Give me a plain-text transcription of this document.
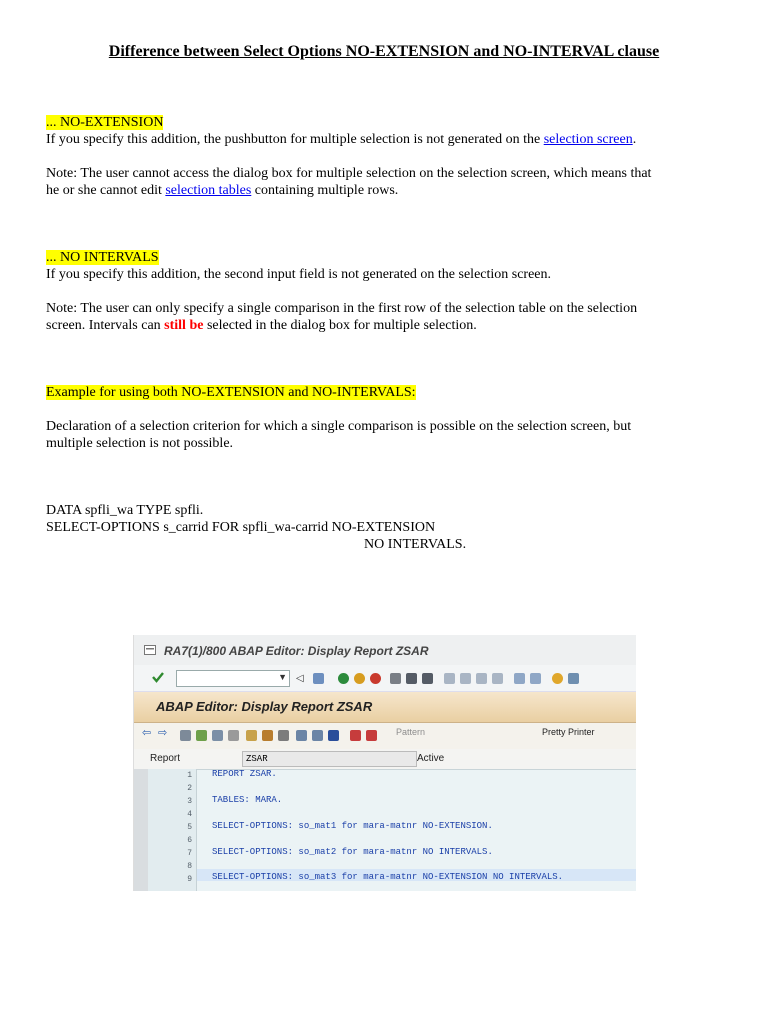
Difference between Select Options NO-EXTENSION and NO-INTERVAL clause
... NO-EXTENSION
If you specify this addition, the pushbutton for multiple selection is not generated on the selection screen.
Note: The user cannot access the dialog box for multiple selection on the selection screen, which means that
he or she cannot edit selection tables containing multiple rows.
... NO INTERVALS
If you specify this addition, the second input field is not generated on the selection screen.
Note: The user can only specify a single comparison in the first row of the selection table on the selection
screen. Intervals can still be selected in the dialog box for multiple selection.
Example for using both NO-EXTENSION and NO-INTERVALS:
Declaration of a selection criterion for which a single comparison is possible on the selection screen, but
multiple selection is not possible.
DATA spfli_wa TYPE spfli.
SELECT-OPTIONS s_carrid FOR spfli_wa-carrid NO-EXTENSION
NO INTERVALS.
RA7(1)/800 ABAP Editor: Display Report ZSAR
▼ ◁
ABAP Editor: Display Report ZSAR
⇦ ⇨	Pattern	Pretty Printer
Report	ZSAR	Active
1
2
3
4
5
6
7
8
9
REPORT ZSAR.
TABLES: MARA.
SELECT-OPTIONS: so_mat1 for mara-matnr NO-EXTENSION.
SELECT-OPTIONS: so_mat2 for mara-matnr NO INTERVALS.
SELECT-OPTIONS: so_mat3 for mara-matnr NO-EXTENSION NO INTERVALS.
